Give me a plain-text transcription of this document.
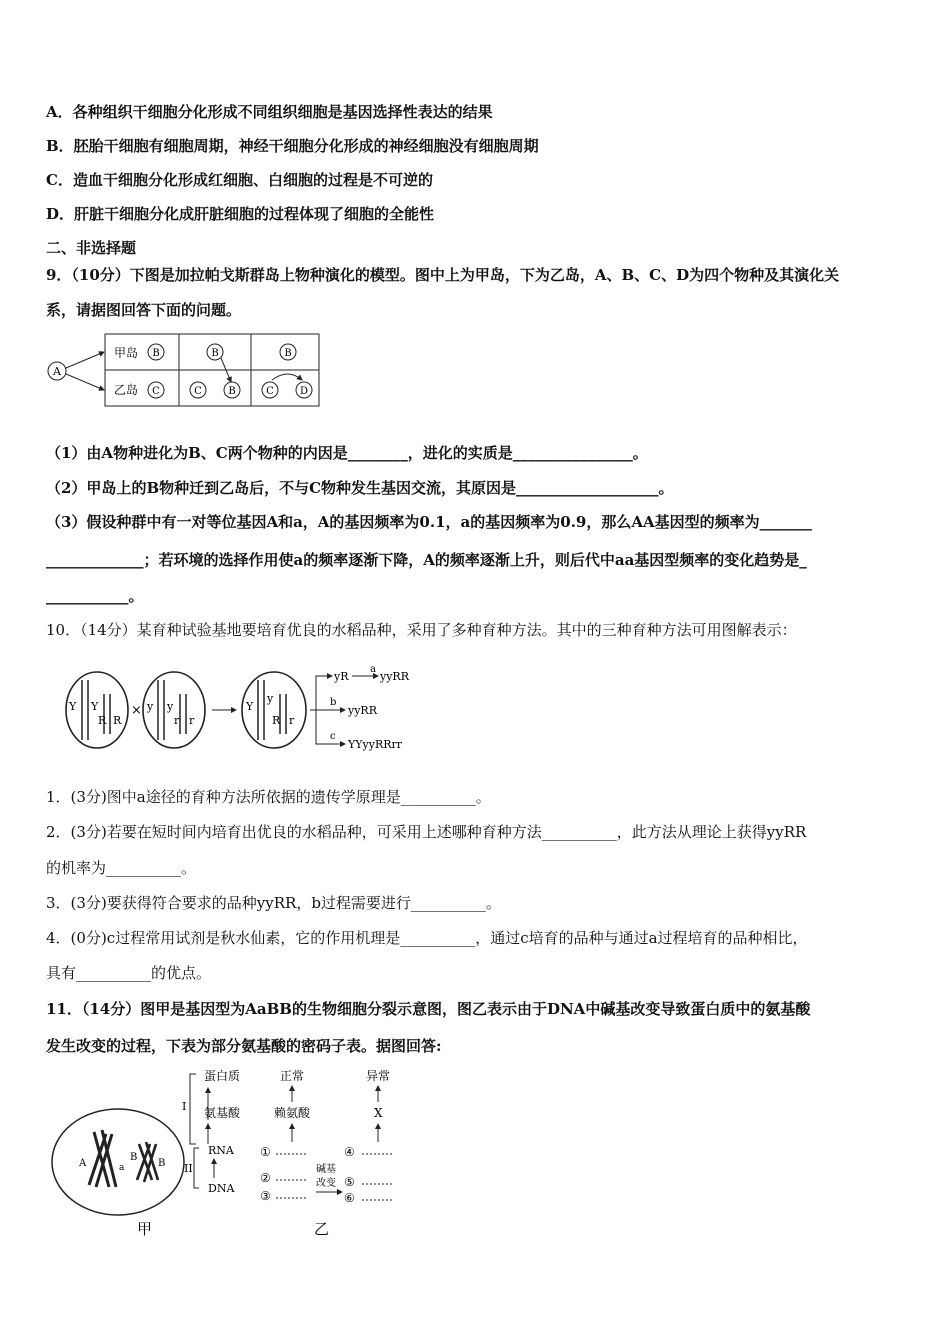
A．各种组织干细胞分化形成不同组织细胞是基因选择性表达的结果
B．胚胎干细胞有细胞周期，神经干细胞分化形成的神经细胞没有细胞周期
C．造血干细胞分化形成红细胞、白细胞的过程是不可逆的
D．肝脏干细胞分化成肝脏细胞的过程体现了细胞的全能性
二、非选择题
9．（10分）下图是加拉帕戈斯群岛上物种演化的模型。图中上为甲岛，下为乙岛，A、B、C、D为四个物种及其演化关
系，请据图回答下面的问题。
A
甲岛
乙岛
B
C
B
C	B
B
C	D
（1）由A物种进化为B、C两个物种的内因是________，进化的实质是________________。
（2）甲岛上的B物种迁到乙岛后，不与C物种发生基因交流，其原因是___________________。
（3）假设种群中有一对等位基因A和a，A的基因频率为0.1，a的基因频率为0.9，那么AA基因型的频率为_______
_____________；若环境的选择作用使a的频率逐渐下降，A的频率逐渐上升，则后代中aa基因型频率的变化趋势是_
___________。
10．（14分）某育种试验基地要培育优良的水稻品种，采用了多种育种方法。其中的三种育种方法可用图解表示：
Y Y
R R
× y y
r r
Y
y
R r
yR
a
yyRR
b
yyRR
c
YYyyRRrr
1．(3分)图中a途径的育种方法所依据的遗传学原理是__________。
2．(3分)若要在短时间内培育出优良的水稻品种，可采用上述哪种育种方法__________，此方法从理论上获得yyRR
的机率为__________。
3．(3分)要获得符合要求的品种yyRR，b过程需要进行__________。
4．(0分)c过程常用试剂是秋水仙素，它的作用机理是__________，通过c培育的品种与通过a过程培育的品种相比，
具有__________的优点。
11．（14分）图甲是基因型为AaBB的生物细胞分裂示意图，图乙表示由于DNA中碱基改变导致蛋白质中的氨基酸
发生改变的过程，下表为部分氨基酸的密码子表。据图回答:
A	a
B
B
甲
蛋白质
氨基酸
RNA
DNA
I
II
正常
赖氨酸
①
②
③
碱基
改变
异常
X
④
⑤
⑥
乙
